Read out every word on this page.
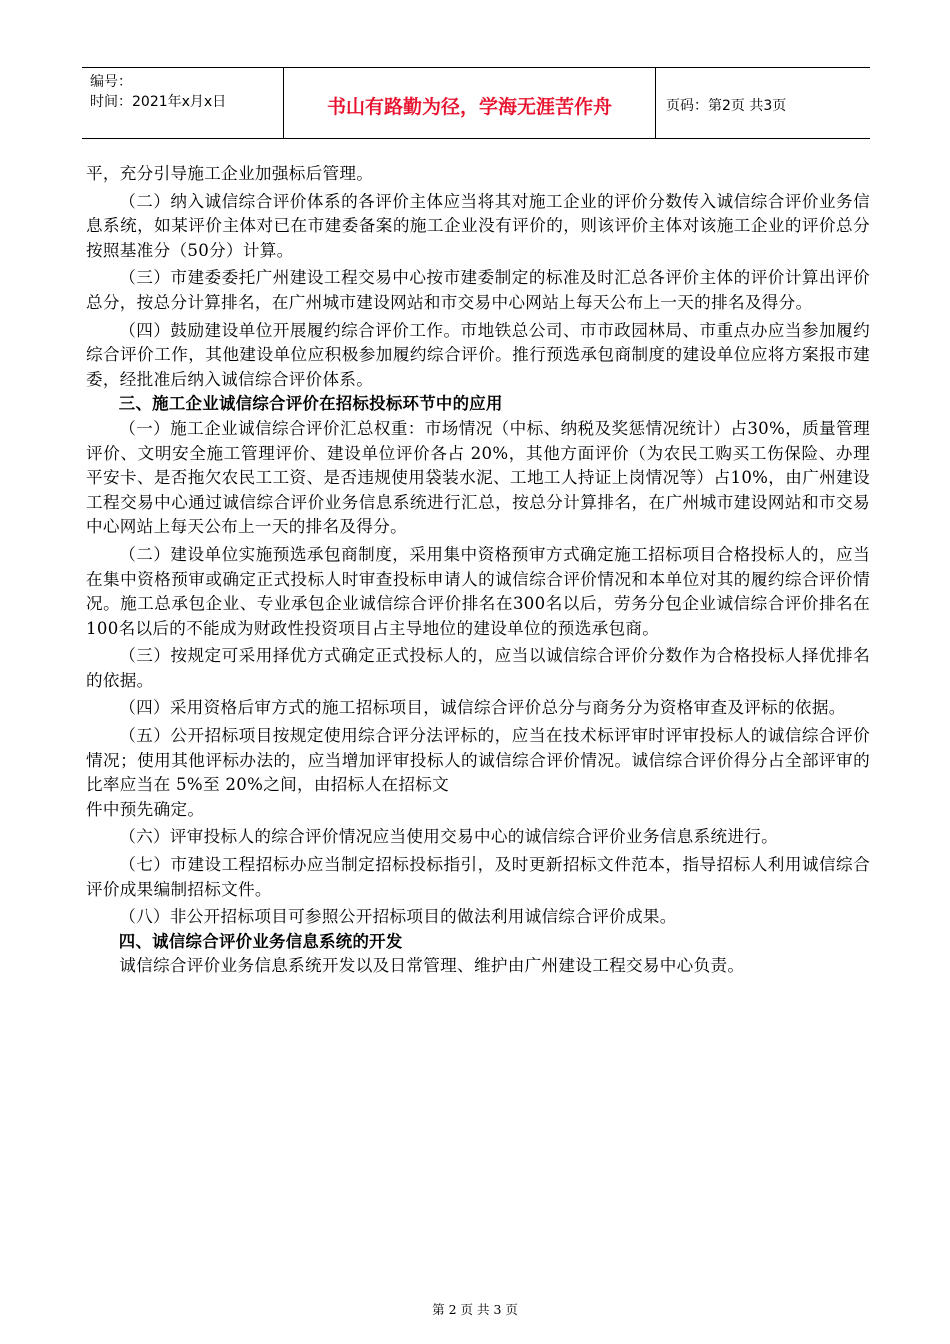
编号：
时间：2021年x月x日	书山有路勤为径，学海无涯苦作舟	页码：第2页 共3页

平，充分引导施工企业加强标后管理。

（二）纳入诚信综合评价体系的各评价主体应当将其对施工企业的评价分数传入诚信综合评价业务信息系统，如某评价主体对已在市建委备案的施工企业没有评价的，则该评价主体对该施工企业的评价总分按照基准分（50分）计算。

（三）市建委委托广州建设工程交易中心按市建委制定的标准及时汇总各评价主体的评价计算出评价总分，按总分计算排名，在广州城市建设网站和市交易中心网站上每天公布上一天的排名及得分。

（四）鼓励建设单位开展履约综合评价工作。市地铁总公司、市市政园林局、市重点办应当参加履约综合评价工作，其他建设单位应积极参加履约综合评价。推行预选承包商制度的建设单位应将方案报市建委，经批准后纳入诚信综合评价体系。

三、施工企业诚信综合评价在招标投标环节中的应用

（一）施工企业诚信综合评价汇总权重：市场情况（中标、纳税及奖惩情况统计）占30%，质量管理评价、文明安全施工管理评价、建设单位评价各占 20%，其他方面评价（为农民工购买工伤保险、办理平安卡、是否拖欠农民工工资、是否违规使用袋装水泥、工地工人持证上岗情况等）占10%，由广州建设工程交易中心通过诚信综合评价业务信息系统进行汇总，按总分计算排名，在广州城市建设网站和市交易中心网站上每天公布上一天的排名及得分。

（二）建设单位实施预选承包商制度，采用集中资格预审方式确定施工招标项目合格投标人的，应当在集中资格预审或确定正式投标人时审查投标申请人的诚信综合评价情况和本单位对其的履约综合评价情况。施工总承包企业、专业承包企业诚信综合评价排名在300名以后，劳务分包企业诚信综合评价排名在100名以后的不能成为财政性投资项目占主导地位的建设单位的预选承包商。

（三）按规定可采用择优方式确定正式投标人的，应当以诚信综合评价分数作为合格投标人择优排名的依据。

（四）采用资格后审方式的施工招标项目，诚信综合评价总分与商务分为资格审查及评标的依据。

（五）公开招标项目按规定使用综合评分法评标的，应当在技术标评审时评审投标人的诚信综合评价情况；使用其他评标办法的，应当增加评审投标人的诚信综合评价情况。诚信综合评价得分占全部评审的比率应当在 5%至 20%之间，由招标人在招标文

件中预先确定。

（六）评审投标人的综合评价情况应当使用交易中心的诚信综合评价业务信息系统进行。

（七）市建设工程招标办应当制定招标投标指引，及时更新招标文件范本，指导招标人利用诚信综合评价成果编制招标文件。

（八）非公开招标项目可参照公开招标项目的做法利用诚信综合评价成果。

四、诚信综合评价业务信息系统的开发

诚信综合评价业务信息系统开发以及日常管理、维护由广州建设工程交易中心负责。

第 2 页 共 3 页
